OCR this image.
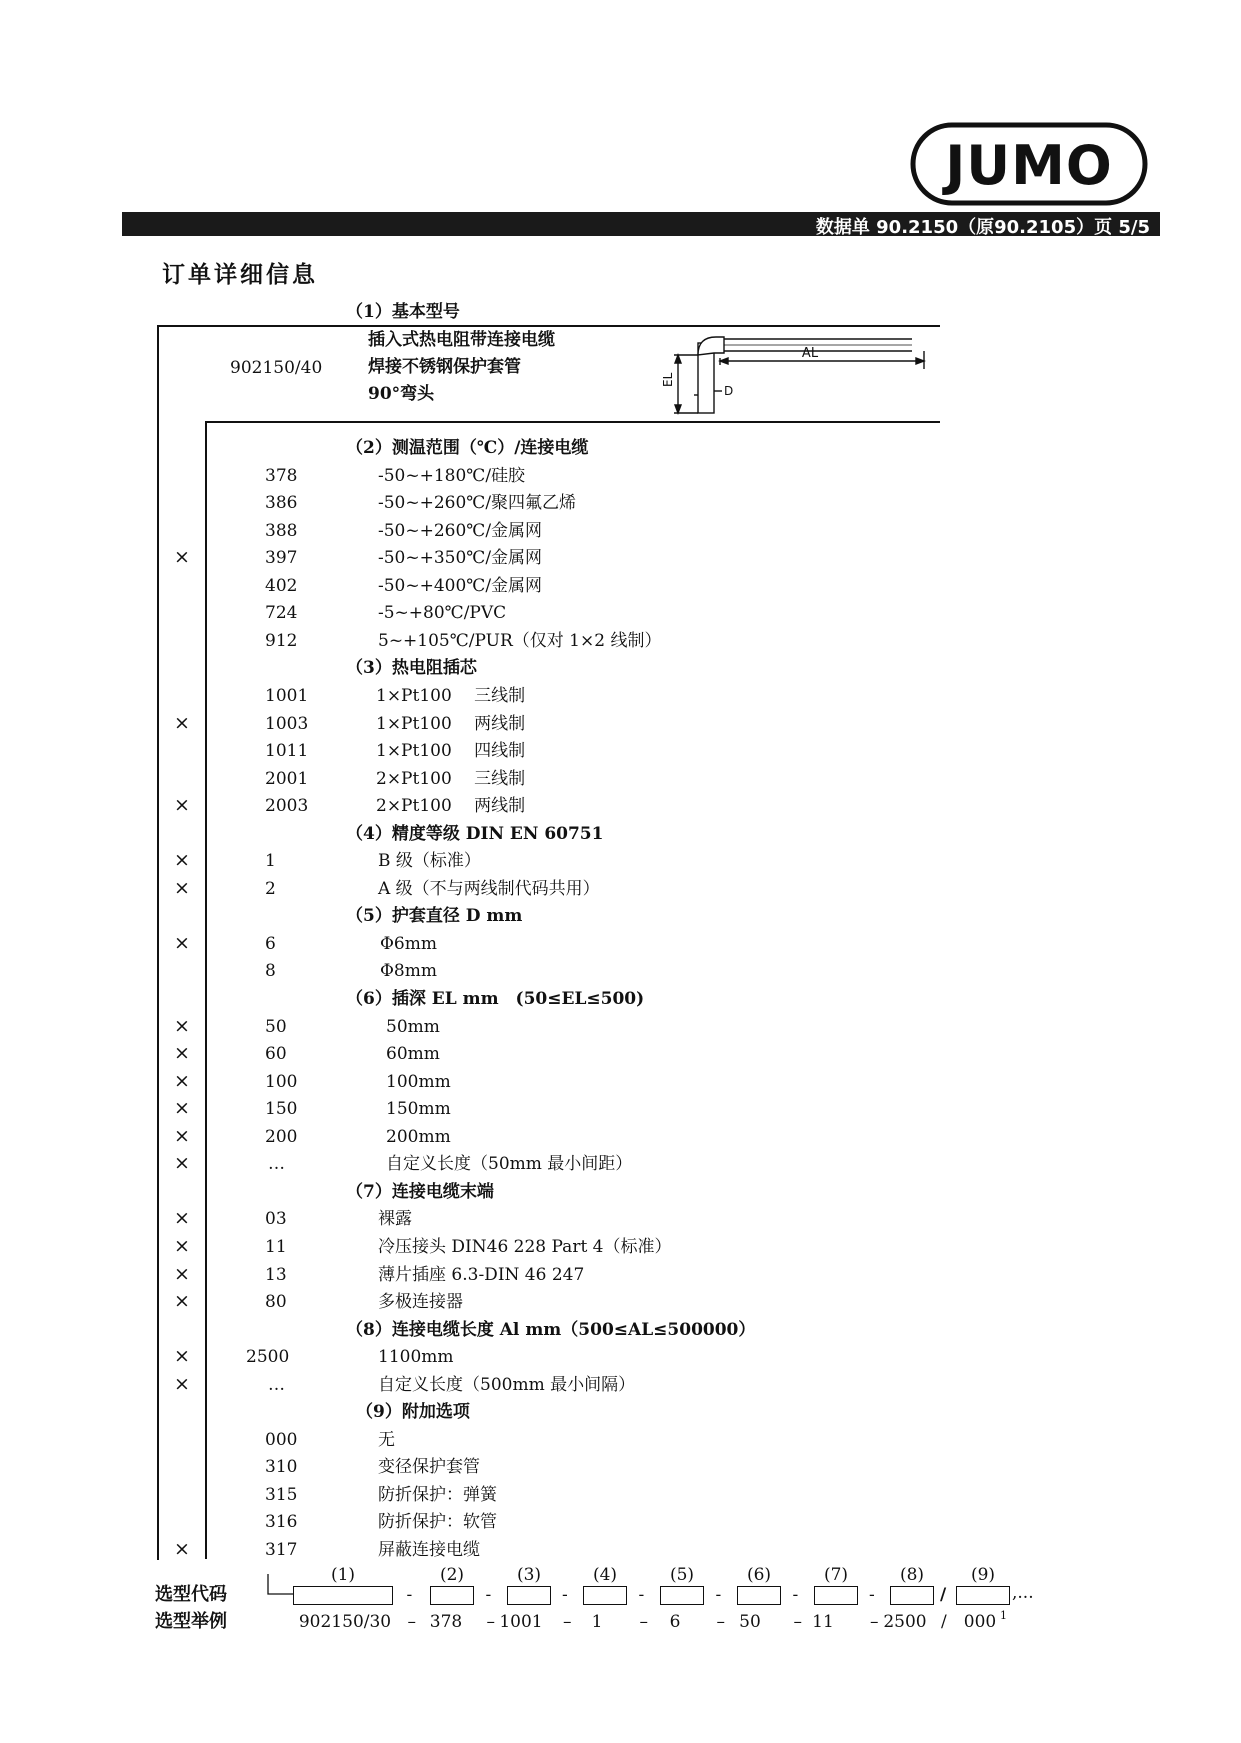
JUMO
数据单 90.2150（原90.2105）页 5/5
订单详细信息
（1）基本型号
902150/40
插入式热电阻带连接电缆
焊接不锈钢保护套管
90°弯头
AL
EL
D
（2）测温范围（℃）/连接电缆
378	-50~+180℃/硅胶
386	-50~+260℃/聚四氟乙烯
388	-50~+260℃/金属网
×	397	-50~+350℃/金属网
402	-50~+400℃/金属网
724	-5~+80℃/PVC
912	5~+105℃/PUR（仅对 1×2 线制）
（3）热电阻插芯
1001	1×Pt100　 三线制
×	1003	1×Pt100　 两线制
1011	1×Pt100　 四线制
2001	2×Pt100　 三线制
×	2003	2×Pt100　 两线制
（4）精度等级 DIN EN 60751
×	1	B 级（标准）
×	2	A 级（不与两线制代码共用）
（5）护套直径 D mm
×	6	Φ6mm
8	Φ8mm
（6）插深 EL mm　(50≤EL≤500)
×	50	50mm
×	60	60mm
×	100	100mm
×	150	150mm
×	200	200mm
×	…	自定义长度（50mm 最小间距）
（7）连接电缆末端
×	03	裸露
×	11	冷压接头 DIN46 228 Part 4（标准）
×	13	薄片插座 6.3-DIN 46 247
×	80	多极连接器
（8）连接电缆长度 Al mm（500≤AL≤500000）
×	2500	1100mm
×	…	自定义长度（500mm 最小间隔）
（9）附加选项
000	无
310	变径保护套管
315	防折保护：弹簧
316	防折保护：软管
×	317	屏蔽连接电缆
选型代码
选型举例
(1)
-
–
902150/30
(2)
-
–
378
(3)
-
–
1001
(4)
-
–
1
(5)
-
–
6
(6)
-
–
50
(7)
-
–
11
(8)
/
/
2500
(9)
000
,...
1
